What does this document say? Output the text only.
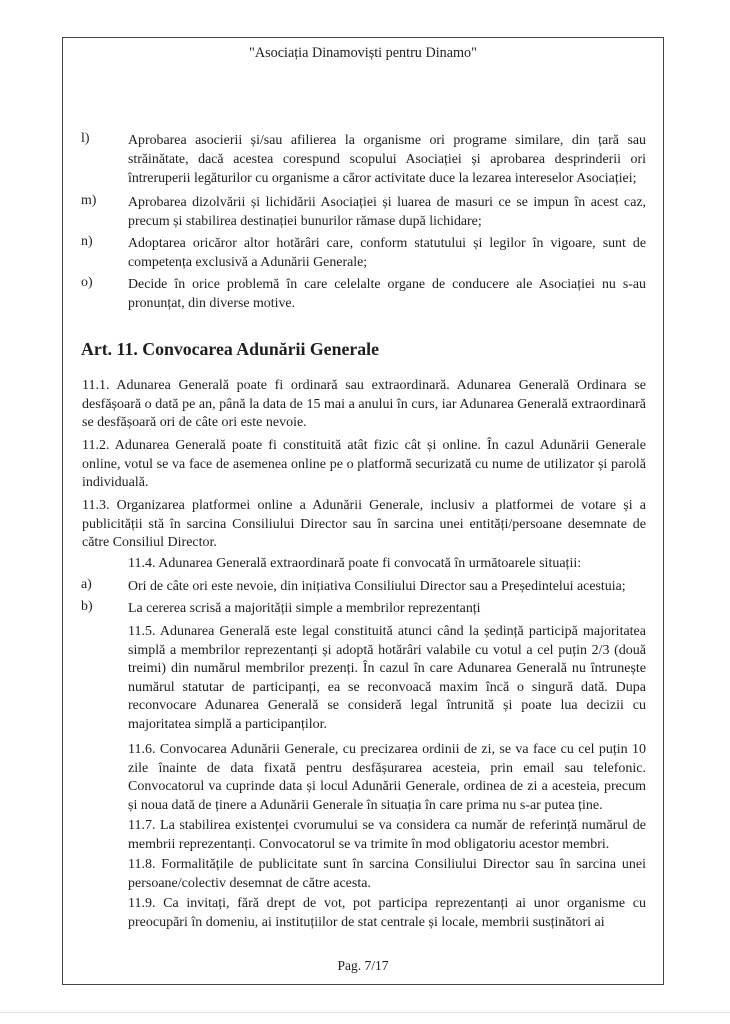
"Asociația Dinamoviști pentru Dinamo"
l)	Aprobarea asocierii și/sau afilierea la organisme ori programe similare, din țară sau străinătate, dacă acestea corespund scopului Asociației și aprobarea desprinderii ori întreruperii legăturilor cu organisme a căror activitate duce la lezarea intereselor Asociației;
m) Aprobarea dizolvării și lichidării Asociației și luarea de masuri ce se impun în acest caz, precum și stabilirea destinației bunurilor rămase după lichidare;
n)	Adoptarea oricăror altor hotărâri care, conform statutului și legilor în vigoare, sunt de competența exclusivă a Adunării Generale;
o)	Decide în orice problemă în care celelalte organe de conducere ale Asociației nu s-au pronunțat, din diverse motive.
Art. 11. Convocarea Adunării Generale
11.1. Adunarea Generală poate fi ordinară sau extraordinară. Adunarea Generală Ordinara se desfășoară o dată pe an, până la data de 15 mai a anului în curs, iar Adunarea Generală extraordinară se desfășoară ori de câte ori este nevoie.
11.2. Adunarea Generală poate fi constituită atât fizic cât și online. În cazul Adunării Generale online, votul se va face de asemenea online pe o platformă securizată cu nume de utilizator și parolă individuală.
11.3. Organizarea platformei online a Adunării Generale, inclusiv a platformei de votare și a publicității stă în sarcina Consiliului Director sau în sarcina unei entități/persoane desemnate de către Consiliul Director.
11.4. Adunarea Generală extraordinară poate fi convocată în următoarele situații:
a)	Ori de câte ori este nevoie, din inițiativa Consiliului Director sau a Președintelui acestuia;
b)	La cererea scrisă a majorității simple a membrilor reprezentanți
11.5. Adunarea Generală este legal constituită atunci când la ședință participă majoritatea simplă a membrilor reprezentanți și adoptă hotărâri valabile cu votul a cel puțin 2/3 (două treimi) din numărul membrilor prezenți. În cazul în care Adunarea Generală nu întrunește numărul statutar de participanți, ea se reconvoacă maxim încă o singură dată. Dupa reconvocare Adunarea Generală se consideră legal întrunită și poate lua decizii cu majoritatea simplă a participanților.
11.6. Convocarea Adunării Generale, cu precizarea ordinii de zi, se va face cu cel puțin 10 zile înainte de data fixată pentru desfășurarea acesteia, prin email sau telefonic. Convocatorul va cuprinde data și locul Adunării Generale, ordinea de zi a acesteia, precum și noua dată de ținere a Adunării Generale în situația în care prima nu s-ar putea ține.
11.7. La stabilirea existenței cvorumului se va considera ca număr de referință numărul de membrii reprezentanți. Convocatorul se va trimite în mod obligatoriu acestor membri.
11.8. Formalitățile de publicitate sunt în sarcina Consiliului Director sau în sarcina unei persoane/colectiv desemnat de către acesta.
11.9. Ca invitați, fără drept de vot, pot participa reprezentanți ai unor organisme cu preocupări în domeniu, ai instituțiilor de stat centrale și locale, membrii susținători ai
Pag. 7/17
